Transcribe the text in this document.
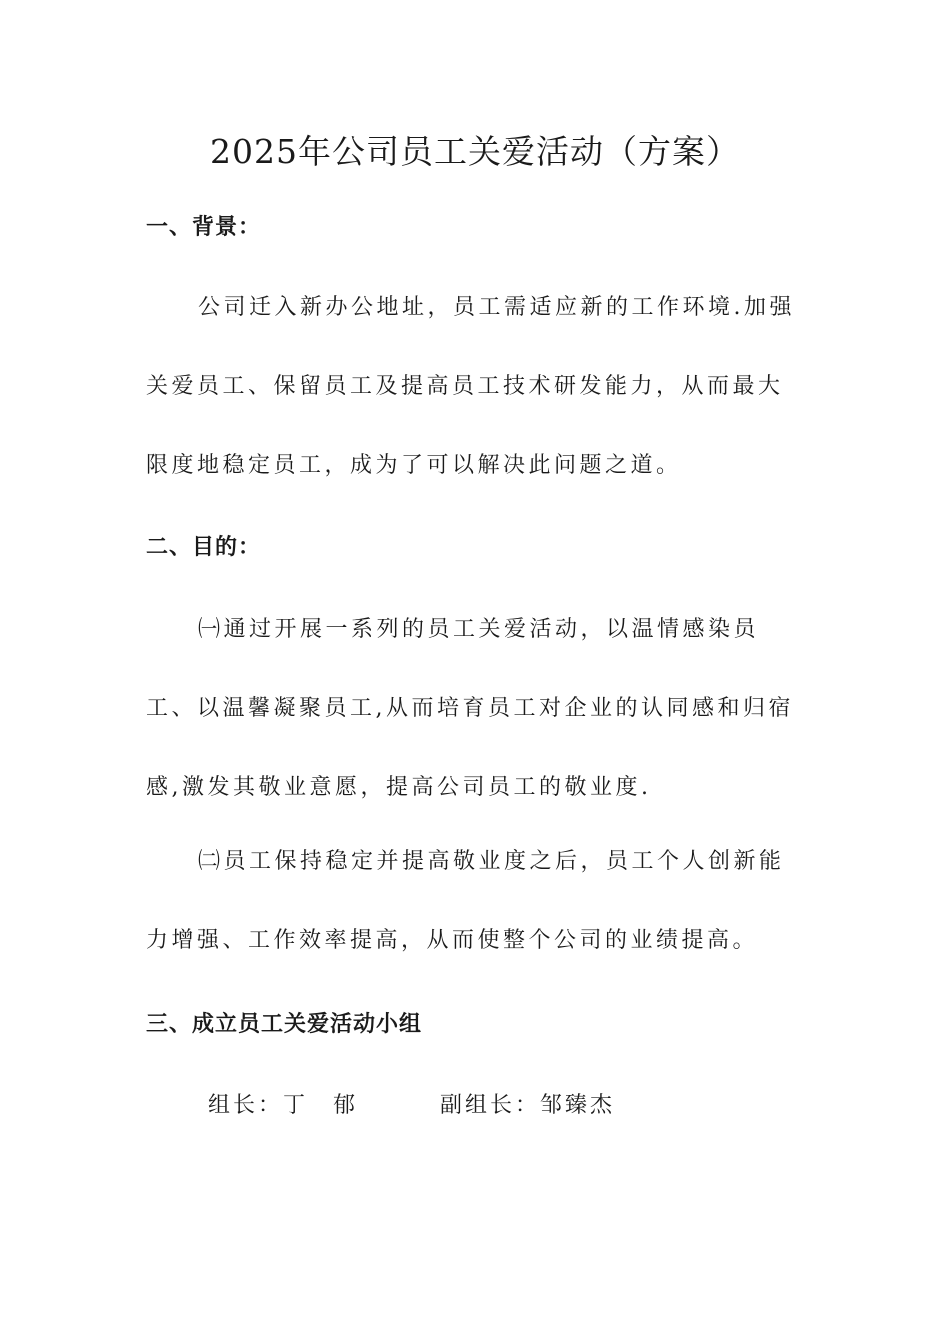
2025年公司员工关爱活动（方案）
一、背景：

公司迁入新办公地址，员工需适应新的工作环境.加强关爱员工、保留员工及提高员工技术研发能力，从而最大限度地稳定员工，成为了可以解决此问题之道。

二、目的：

㈠通过开展一系列的员工关爱活动，以温情感染员工、以温馨凝聚员工,从而培育员工对企业的认同感和归宿感,激发其敬业意愿，提高公司员工的敬业度.

㈡员工保持稳定并提高敬业度之后，员工个人创新能力增强、工作效率提高，从而使整个公司的业绩提高。

三、成立员工关爱活动小组
组长：丁　郁	副组长：邹臻杰
